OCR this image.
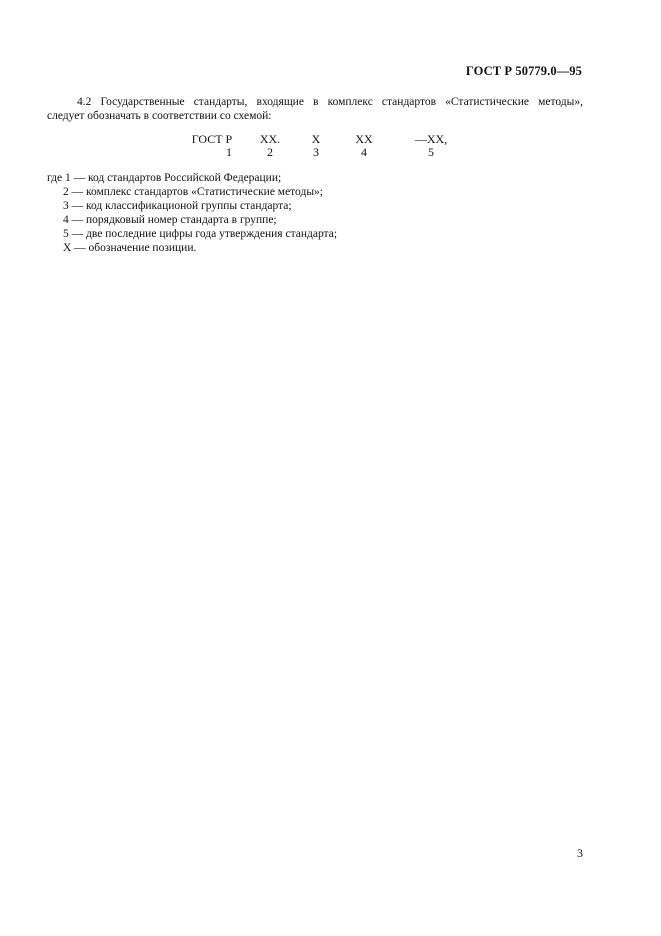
ГОСТ Р 50779.0—95
4.2 Государственные стандарты, входящие в комплекс стандартов «Статистические методы»,
следует обозначать в соответствии со схемой:
ГОСТ Р
1
XX.
2
X
3
XX
4
—XX,
5
где 1 — код стандартов Российской Федерации;
2 — комплекс стандартов «Статистические методы»;
3 — код классификационой группы стандарта;
4 — порядковый номер стандарта в группе;
5 — две последние цифры года утверждения стандарта;
X — обозначение позиции.
3
